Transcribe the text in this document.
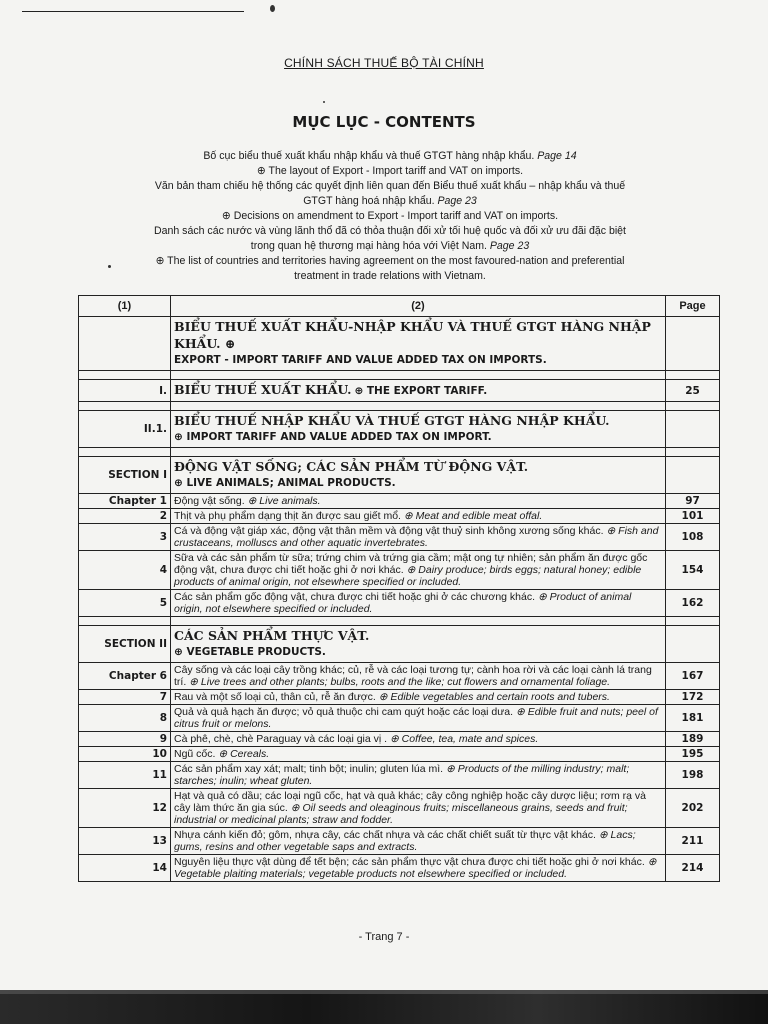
CHÍNH SÁCH THUẾ BỘ TÀI CHÍNH
MỤC LỤC - CONTENTS
Bố cục biểu thuế xuất khẩu nhập khẩu và thuế GTGT hàng nhập khẩu. Page 14
⊕ The layout of Export - Import tariff and VAT on imports.
Văn bản tham chiếu hệ thống các quyết định liên quan đến Biểu thuế xuất khẩu – nhập khẩu và thuế GTGT hàng hoá nhập khẩu. Page 23
⊕ Decisions on amendment to Export - Import tariff and VAT on imports.
Danh sách các nước và vùng lãnh thổ đã có thỏa thuận đối xử tối huệ quốc và đối xử ưu đãi đặc biệt trong quan hệ thương mại hàng hóa với Việt Nam. Page 23
⊕ The list of countries and territories having agreement on the most favoured-nation and preferential treatment in trade relations with Vietnam.
(1)	(2)	Page

	BIỂU THUẾ XUẤT KHẨU-NHẬP KHẨU VÀ THUẾ GTGT HÀNG NHẬP KHẨU. ⊕
EXPORT - IMPORT TARIFF AND VALUE ADDED TAX ON IMPORTS.	

I.	BIỂU THUẾ XUẤT KHẨU. ⊕ THE EXPORT TARIFF.	25

II.1.	BIỂU THUẾ NHẬP KHẨU VÀ THUẾ GTGT HÀNG NHẬP KHẨU.
⊕ IMPORT TARIFF AND VALUE ADDED TAX ON IMPORT.	

SECTION I	ĐỘNG VẬT SỐNG; CÁC SẢN PHẨM TỪ ĐỘNG VẬT.
⊕ LIVE ANIMALS; ANIMAL PRODUCTS.	

Chapter 1	Động vật sống. ⊕ Live animals.	97
2	Thịt và phụ phẩm dạng thịt ăn được sau giết mổ. ⊕ Meat and edible meat offal.	101
3	Cá và động vật giáp xác, động vật thân mềm và động vật thuỷ sinh không xương sống khác. ⊕ Fish and crustaceans, molluscs and other aquatic invertebrates.	108
4	Sữa và các sản phẩm từ sữa; trứng chim và trứng gia cầm; mật ong tự nhiên; sản phẩm ăn được gốc động vật, chưa được chi tiết hoặc ghi ở nơi khác. ⊕ Dairy produce; birds eggs; natural honey; edible products of animal origin, not elsewhere specified or included.	154
5	Các sản phẩm gốc động vật, chưa được chi tiết hoặc ghi ở các chương khác. ⊕ Product of animal origin, not elsewhere specified or included.	162

SECTION II	CÁC SẢN PHẨM THỰC VẬT.
⊕ VEGETABLE PRODUCTS.	

Chapter 6	Cây sống và các loại cây trồng khác; củ, rễ và các loại tương tự; cành hoa rời và các loại cành lá trang trí. ⊕ Live trees and other plants; bulbs, roots and the like; cut flowers and ornamental foliage.	167
7	Rau và một số loại củ, thân củ, rễ ăn được. ⊕ Edible vegetables and certain roots and tubers.	172
8	Quả và quả hạch ăn được; vỏ quả thuộc chi cam quýt hoặc các loại dưa. ⊕ Edible fruit and nuts; peel of citrus fruit or melons.	181
9	Cà phê, chè, chè Paraguay và các loại gia vị . ⊕ Coffee, tea, mate and spices.	189
10	Ngũ cốc. ⊕ Cereals.	195
11	Các sản phẩm xay xát; malt; tinh bột; inulin; gluten lúa mì. ⊕ Products of the milling industry; malt; starches; inulin; wheat gluten.	198
12	Hạt và quả có dầu; các loại ngũ cốc, hạt và quả khác; cây công nghiệp hoặc cây dược liệu; rơm rạ và cây làm thức ăn gia súc. ⊕ Oil seeds and oleaginous fruits; miscellaneous grains, seeds and fruit; industrial or medicinal plants; straw and fodder.	202
13	Nhựa cánh kiến đỏ; gôm, nhựa cây, các chất nhựa và các chất chiết suất từ thực vật khác. ⊕ Lacs; gums, resins and other vegetable saps and extracts.	211
14	Nguyên liệu thực vật dùng để tết bện; các sản phẩm thực vật chưa được chi tiết hoặc ghi ở nơi khác. ⊕ Vegetable plaiting materials; vegetable products not elsewhere specified or included.	214
- Trang 7 -
